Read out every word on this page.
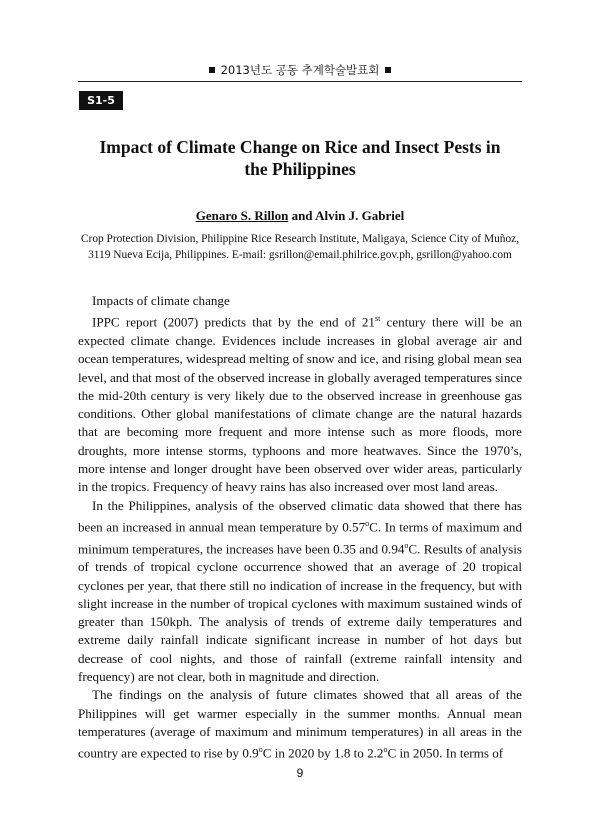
2013년도 공동 추계학술발표회
S1-5
Impact of Climate Change on Rice and Insect Pests in the Philippines
Genaro S. Rillon and Alvin J. Gabriel
Crop Protection Division, Philippine Rice Research Institute, Maligaya, Science City of Muñoz,
3119 Nueva Ecija, Philippines. E-mail: gsrillon@email.philrice.gov.ph, gsrillon@yahoo.com

Impacts of climate change

IPPC report (2007) predicts that by the end of 21st century there will be an expected climate change. Evidences include increases in global average air and ocean temperatures, widespread melting of snow and ice, and rising global mean sea level, and that most of the observed increase in globally averaged temperatures since the mid-20th century is very likely due to the observed increase in greenhouse gas conditions. Other global manifestations of climate change are the natural hazards that are becoming more frequent and more intense such as more floods, more droughts, more intense storms, typhoons and more heatwaves. Since the 1970’s, more intense and longer drought have been observed over wider areas, particularly in the tropics. Frequency of heavy rains has also increased over most land areas.

In the Philippines, analysis of the observed climatic data showed that there has been an increased in annual mean temperature by 0.57$^o$C. In terms of maximum and minimum temperatures, the increases have been 0.35 and 0.94$^o$C. Results of analysis of trends of tropical cyclone occurrence showed that an average of 20 tropical cyclones per year, that there still no indication of increase in the frequency, but with slight increase in the number of tropical cyclones with maximum sustained winds of greater than 150kph. The analysis of trends of extreme daily temperatures and extreme daily rainfall indicate significant increase in number of hot days but decrease of cool nights, and those of rainfall (extreme rainfall intensity and frequency) are not clear, both in magnitude and direction.

The findings on the analysis of future climates showed that all areas of the Philippines will get warmer especially in the summer months. Annual mean temperatures (average of maximum and minimum temperatures) in all areas in the country are expected to rise by 0.9$^o$C in 2020 by 1.8 to 2.2$^o$C in 2050. In terms of

9
